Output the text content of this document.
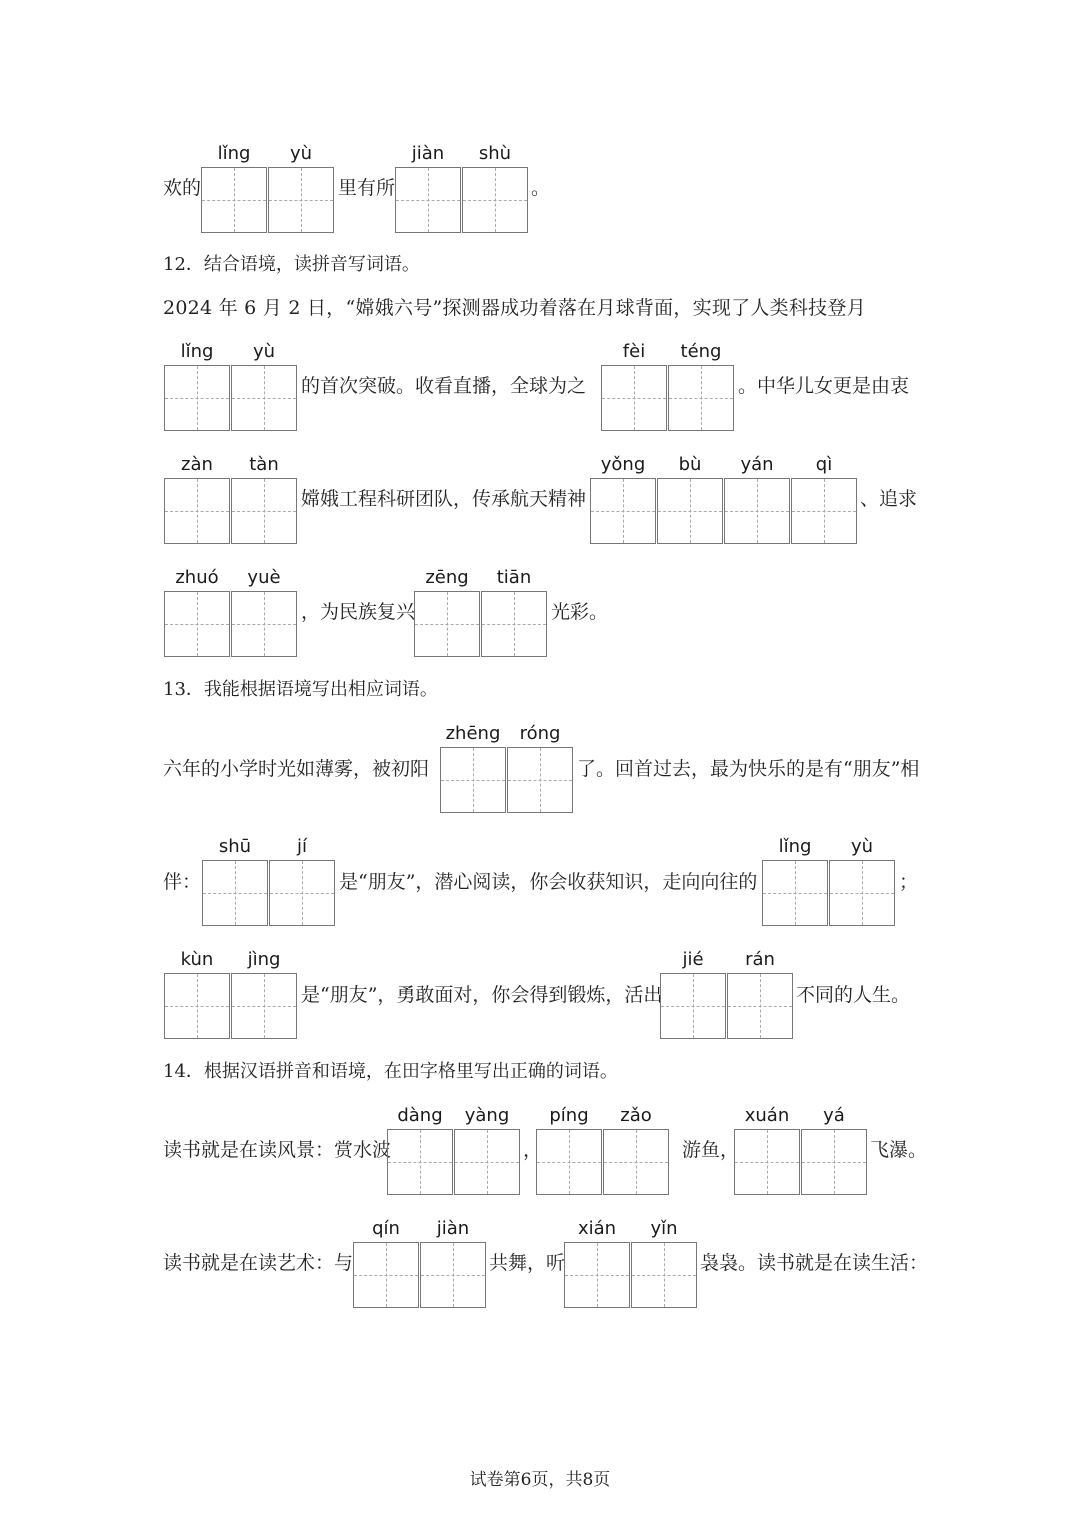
欢的
lǐng	yù
里有所
jiàn	shù
。
12．结合语境，读拼音写词语。
2024 年 6 月 2 日，“嫦娥六号”探测器成功着落在月球背面，实现了人类科技登月
lǐng	yù
的首次突破。收看直播，全球为之
fèi	téng
。中华儿女更是由衷
zàn	tàn
嫦娥工程科研团队，传承航天精神
yǒng	bù	yán	qì
、追求
zhuó	yuè
，为民族复兴
zēng	tiān
光彩。
13．我能根据语境写出相应词语。
六年的小学时光如薄雾，被初阳
zhēng	róng
了。回首过去，最为快乐的是有“朋友”相
伴：
shū	jí
是“朋友”，潜心阅读，你会收获知识，走向向往的
lǐng	yù
；
kùn	jìng
是“朋友”，勇敢面对，你会得到锻炼，活出
jié	rán
不同的人生。
14．根据汉语拼音和语境，在田字格里写出正确的词语。
读书就是在读风景：赏水波
dàng	yàng
，
píng	zǎo
游鱼，
xuán	yá
飞瀑。
读书就是在读艺术：与
qín	jiàn
共舞，听
xián	yǐn
袅袅。读书就是在读生活：
试卷第6页，共8页
